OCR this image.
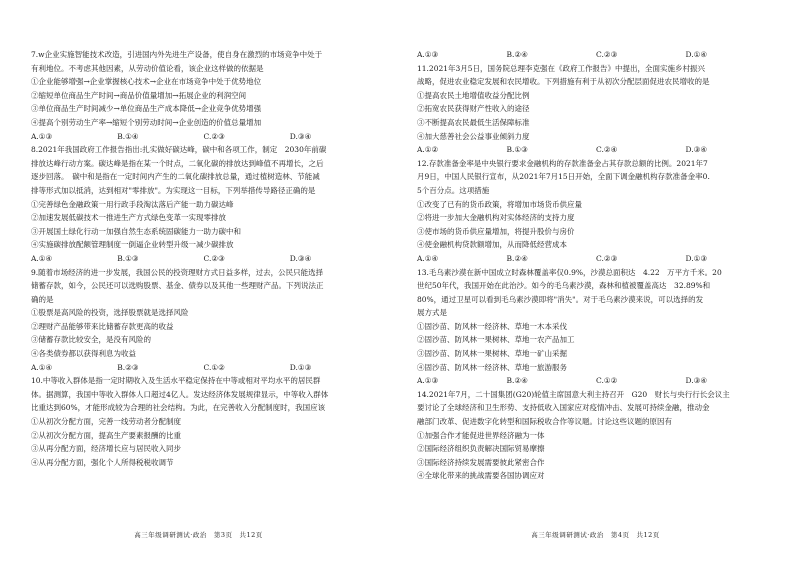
7.w企业实施智能技术改造，引进国内外先进生产设备，使自身在激烈的市场竞争中处于

有利地位。不考虑其他因素，从劳动价值论看，该企业这样做的依据是

①企业能够增强→企业掌握核心技术→企业在市场竞争中处于优势地位

②缩短单位商品生产时间→商品价值量增加→拓展企业的利润空间

③单位商品生产时间减少→单位商品生产成本降低→企业竞争优势增强

④提高个别劳动生产率→缩短个别劳动时间→企业创造的价值总量增加

A.①③	B.①④	C.②③	D.③④

8.2021年我国政府工作报告指出:扎实做好碳达峰，碳中和各项工作，制定　2030年前碳

排放达峰行动方案。碳达峰是指在某一个时点，二氧化碳的排放达到峰值不再增长，之后

逐步回落。　碳中和是指在一定时间内产生的二氧化碳排放总量，通过植树造林、节能减

排等形式加以抵消，达到相对"零排放"。为实现这一目标，下列举措传导路径正确的是

①完善绿色金融政策一用行政手段淘汰落后产能一助力碳达峰

②加速发展低碳技术一推进生产方式绿色变革一实现零排放

③开展国土绿化行动一加强自然生态系统固碳能力一助力碳中和

④实施碳排放配额管理制度一倒逼企业转型升级一减少碳排放

A.①④	B.①③	C.②③	D.③④

9.随着市场经济的进一步发展，我国公民的投资理财方式日益多样，过去，公民只能选择

储蓄存款，如今，公民还可以选购股票、基金、债券以及其他一些理财产品。下列说法正

确的是

①股票是高风险的投资，选择股票就是选择风险

②理财产品能够带来比储蓄存款更高的收益

③储蓄存款比较安全，是没有风险的

④各类债券都以获得利息为收益

A.①④	B.②③	C.①②	D.①③

10.中等收入群体是指一定时期收入及生活水平稳定保持在中等或相对平均水平的居民群

体。据测算，我国中等收入群体人口超过4亿人。发达经济体发展规律显示，中等收入群体

比重达到60%，才能形成较为合理的社会结构。为此，在完善收入分配制度时，我国应该

①从初次分配方面，完善一线劳动者分配制度

②从初次分配方面，提高生产要素报酬的比重

③从再分配方面，经济增长应与居民收入同步

④从再分配方面，强化个人所得税税收调节

高三年级调研测试·政治　第3页　共12页
A.①③	B.②④	C.②③	D.①④

11.2021年3月5日，国务院总理李克强在《政府工作报告》中提出，全面实施乡村振兴

战略，促进农业稳定发展和农民增收。下列措施有利于从初次分配层面促进农民增收的是

①提高农民土地增值收益分配比例

②拓宽农民获得财产性收入的途径

③不断提高农民最低生活保障标准

④加大慈善社会公益事业倾斜力度

A.①②	B.①③	C.②④	D.③④

12.存款准备金率是中央银行要求金融机构的存款准备金占其存款总额的比例。2021年7

月9日，中国人民银行宣布，从2021年7月15日开始，全面下调金融机构存款准备金率0.

5个百分点。这项措施

①改变了已有的货币政策，将增加市场货币供应量

②将进一步加大金融机构对实体经济的支持力度

③使市场的货币供应量增加，将提升股价与房价

④使金融机构贷款额增加，从而降低经营成本

A.①④	B.②④	C.②③	D.①③

13.毛乌素沙漠在新中国成立时森林覆盖率仅0.9%，沙漠总面积达　4.22　万平方千米。20

世纪50年代，我国开始在此治沙。如今的毛乌素沙漠，森林和植被覆盖高达　32.89%和

80%，通过卫星可以看到毛乌素沙漠即将"消失"。对于毛乌素沙漠来说，可以选择的发

展方式是

①固沙苗、防风林一经济林、草地一木本采伐

②固沙苗、防风林一果树林、草地一农产品加工

③固沙苗、防风林一果树林、草地一矿山采掘

④固沙苗、防风林一经济林、草地一旅游服务

A.①③	B.②④	C.①②	D.③④

14.2021年7月，二十国集团(G20)轮值主席国意大利主持召开　G20　财长与央行行长会议主

要讨论了全球经济和卫生形势、支持低收入国家应对疫情冲击、发展可持续金融，推动金

融部门改革、促进数字化转型和国际税收合作等议题。讨论这些议题的原因有

①加强合作才能促进世界经济融为一体

②国际经济组织负责解决国际贸易摩擦

③国际经济持续发展需要彼此紧密合作

④全球化带来的挑战需要各国协调应对

高三年级调研测试·政治　第4页　共12页
